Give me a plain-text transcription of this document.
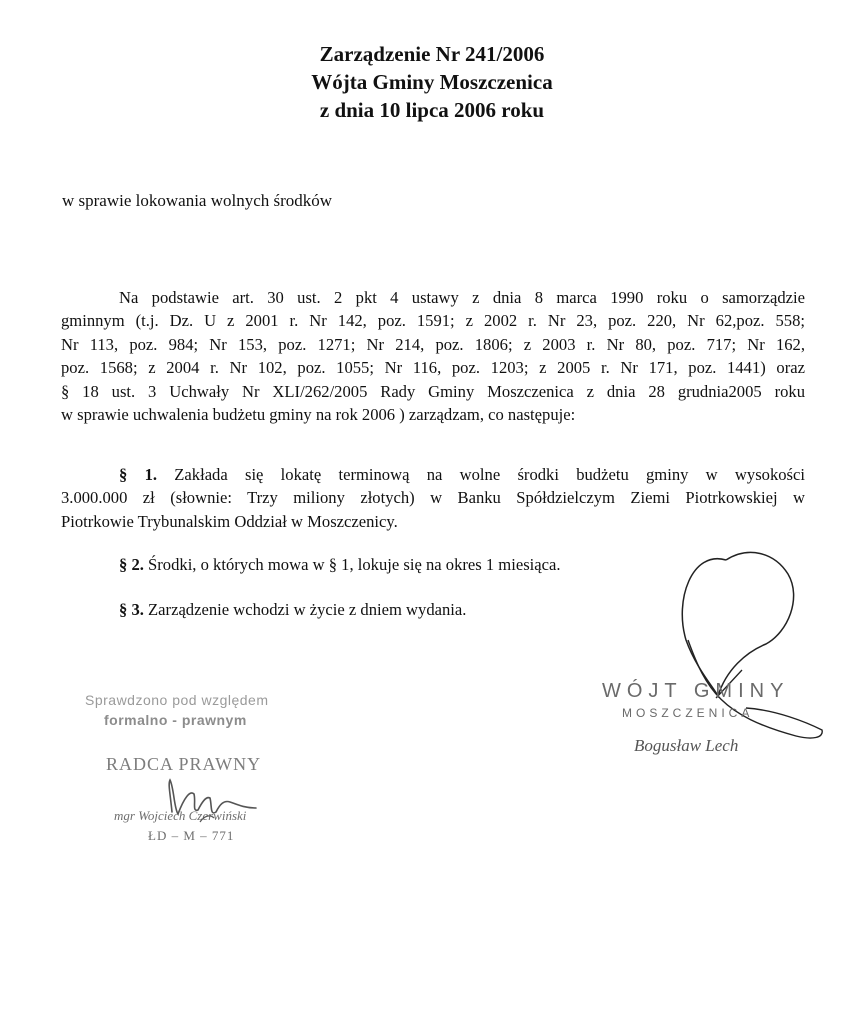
Zarządzenie Nr 241/2006
Wójta Gminy Moszczenica
z dnia 10 lipca 2006 roku
w sprawie lokowania wolnych środków
Na podstawie art. 30 ust. 2 pkt 4 ustawy z dnia 8 marca 1990 roku o samorządzie
gminnym (t.j. Dz. U z 2001 r. Nr 142, poz. 1591; z 2002 r. Nr 23, poz. 220, Nr 62,poz. 558;
Nr 113, poz. 984; Nr 153, poz. 1271; Nr 214, poz. 1806; z 2003 r. Nr 80, poz. 717; Nr 162,
poz. 1568; z 2004 r. Nr 102, poz. 1055; Nr 116, poz. 1203; z 2005 r. Nr 171, poz. 1441) oraz
§ 18 ust. 3 Uchwały Nr XLI/262/2005 Rady Gminy Moszczenica z dnia 28 grudnia2005 roku
w sprawie uchwalenia budżetu gminy na rok 2006 ) zarządzam, co następuje:
§ 1. Zakłada się lokatę terminową na wolne środki budżetu gminy w wysokości
3.000.000 zł (słownie: Trzy miliony złotych) w Banku Spółdzielczym Ziemi Piotrkowskiej w
Piotrkowie Trybunalskim Oddział w Moszczenicy.
§ 2. Środki, o których mowa w § 1, lokuje się na okres 1 miesiąca.
§ 3. Zarządzenie wchodzi w życie z dniem wydania.
Sprawdzono pod względem
formalno - prawnym
RADCA PRAWNY
mgr Wojciech Czerwiński
ŁD – M – 771
WÓJT GMINY
MOSZCZENICA
Bogusław Lech
